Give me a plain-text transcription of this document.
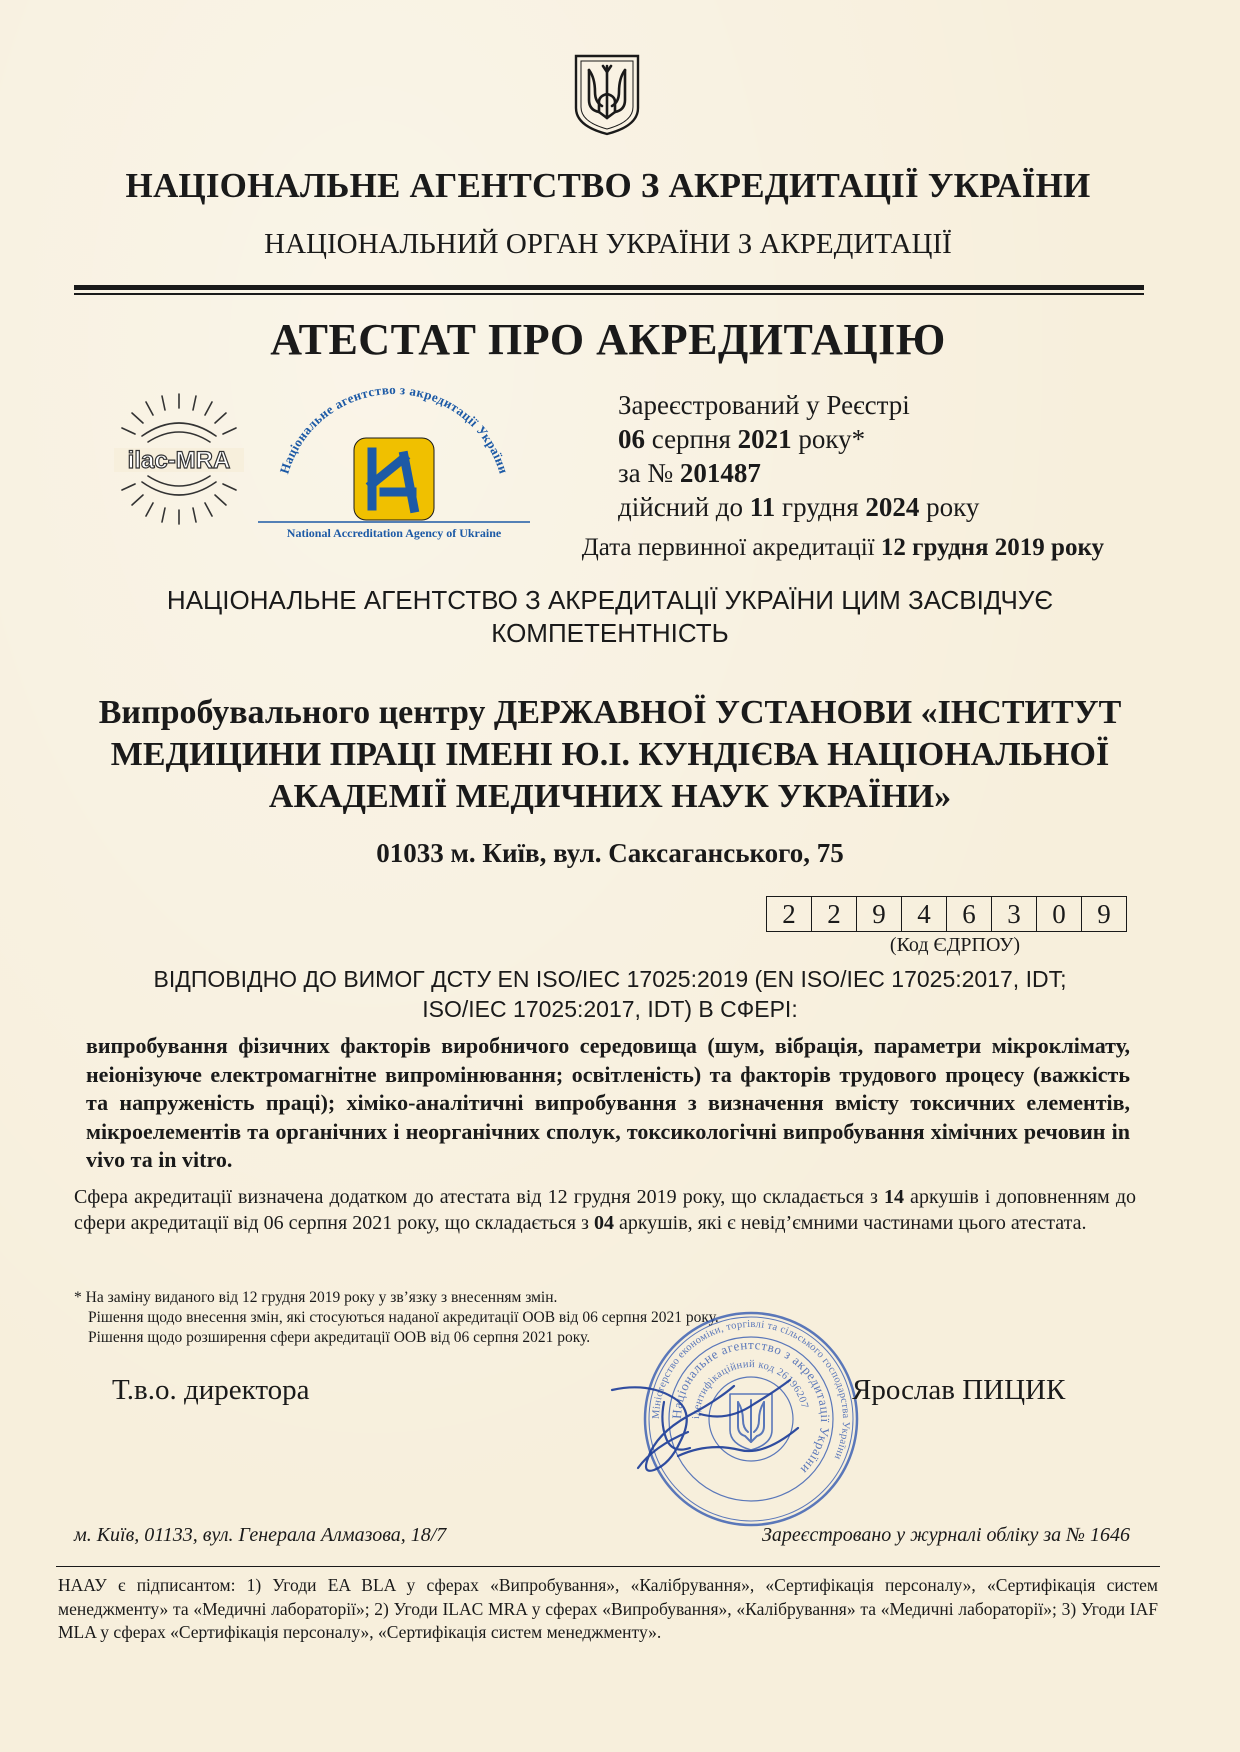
НАЦІОНАЛЬНЕ АГЕНТСТВО З АКРЕДИТАЦІЇ УКРАЇНИ
НАЦІОНАЛЬНИЙ ОРГАН УКРАЇНИ З АКРЕДИТАЦІЇ
АТЕСТАТ ПРО АКРЕДИТАЦІЮ
ilac-MRA	Національне агентство з акредитації України
National Accreditation Agency of Ukraine
Зареєстрований у Реєстрі
06 серпня 2021 року*
за № 201487
дійсний до 11 грудня 2024 року
Дата первинної акредитації 12 грудня 2019 року
НАЦІОНАЛЬНЕ АГЕНТСТВО З АКРЕДИТАЦІЇ УКРАЇНИ ЦИМ ЗАСВІДЧУЄ
КОМПЕТЕНТНІСТЬ
Випробувального центру ДЕРЖАВНОЇ УСТАНОВИ «ІНСТИТУТ
МЕДИЦИНИ ПРАЦІ ІМЕНІ Ю.І. КУНДІЄВА НАЦІОНАЛЬНОЇ
АКАДЕМІЇ МЕДИЧНИХ НАУК УКРАЇНИ»
01033 м. Київ, вул. Саксаганського, 75
2	2	9	4	6	3	0	9
(Код ЄДРПОУ)
ВІДПОВІДНО ДО ВИМОГ ДСТУ EN ISO/IEC 17025:2019 (EN ISO/IEC 17025:2017, IDT;
ISO/IEC 17025:2017, IDT) В СФЕРІ:
випробування фізичних факторів виробничого середовища (шум, вібрація, параметри мікроклімату, неіонізуюче електромагнітне випромінювання; освітленість) та факторів трудового процесу (важкість та напруженість праці); хіміко-аналітичні випробування з визначення вмісту токсичних елементів, мікроелементів та органічних і неорганічних сполук, токсикологічні випробування хімічних речовин in vivo та in vitro.
Сфера акредитації визначена додатком до атестата від 12 грудня 2019 року, що складається з 14 аркушів і доповненням до сфери акредитації від 06 серпня 2021 року, що складається з 04 аркушів, які є невід’ємними частинами цього атестата.
* На заміну виданого від 12 грудня 2019 року у зв’язку з внесенням змін.
Рішення щодо внесення змін, які стосуються наданої акредитації ООВ від 06 серпня 2021 року.
Рішення щодо розширення сфери акредитації ООВ від 06 серпня 2021 року.
Т.в.о. директора
Міністерство економіки, торгівлі та сільського господарства України
Національне агентство з акредитації України
ідентифікаційний код 26196207 Ярослав ПИЦИК
м. Київ, 01133, вул. Генерала Алмазова, 18/7	Зареєстровано у журналі обліку за № 1646
НААУ є підписантом: 1) Угоди EA BLA у сферах «Випробування», «Калібрування», «Сертифікація персоналу», «Сертифікація систем менеджменту» та «Медичні лабораторії»; 2) Угоди ILAC MRA у сферах «Випробування», «Калібрування» та «Медичні лабораторії»; 3) Угоди IAF MLA у сферах «Сертифікація персоналу», «Сертифікація систем менеджменту».
